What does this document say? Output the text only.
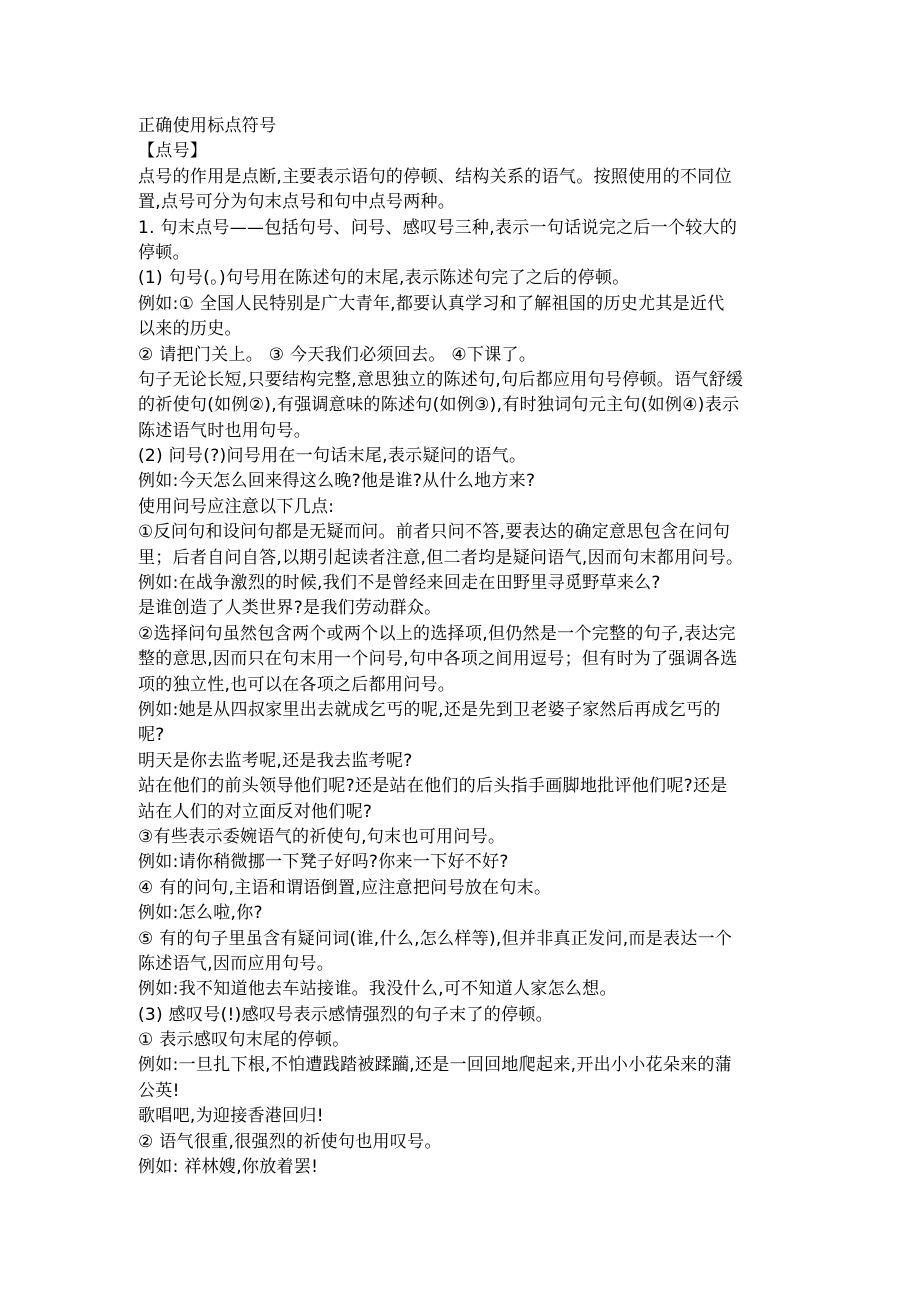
正确使用标点符号
【点号】
点号的作用是点断,主要表示语句的停顿、结构关系的语气。按照使用的不同位
置,点号可分为句末点号和句中点号两种。
1. 句末点号——包括句号、问号、感叹号三种,表示一句话说完之后一个较大的
停顿。
(1) 句号(。)句号用在陈述句的末尾,表示陈述句完了之后的停顿。
例如:① 全国人民特别是广大青年,都要认真学习和了解祖国的历史尤其是近代
以来的历史。
② 请把门关上。 ③ 今天我们必须回去。 ④下课了。
句子无论长短,只要结构完整,意思独立的陈述句,句后都应用句号停顿。语气舒缓
的祈使句(如例②),有强调意味的陈述句(如例③),有时独词句元主句(如例④)表示
陈述语气时也用句号。
(2) 问号(?)问号用在一句话末尾,表示疑问的语气。
例如:今天怎么回来得这么晚?他是谁?从什么地方来?
使用问号应注意以下几点:
①反问句和设问句都是无疑而问。前者只问不答,要表达的确定意思包含在问句
里；后者自问自答,以期引起读者注意,但二者均是疑问语气,因而句末都用问号。
例如:在战争激烈的时候,我们不是曾经来回走在田野里寻觅野草来么?
是谁创造了人类世界?是我们劳动群众。
②选择问句虽然包含两个或两个以上的选择项,但仍然是一个完整的句子,表达完
整的意思,因而只在句末用一个问号,句中各项之间用逗号；但有时为了强调各选
项的独立性,也可以在各项之后都用问号。
例如:她是从四叔家里出去就成乞丐的呢,还是先到卫老婆子家然后再成乞丐的
呢?
明天是你去监考呢,还是我去监考呢?
站在他们的前头领导他们呢?还是站在他们的后头指手画脚地批评他们呢?还是
站在人们的对立面反对他们呢?
③有些表示委婉语气的祈使句,句末也可用问号。
例如:请你稍微挪一下凳子好吗?你来一下好不好?
④ 有的问句,主语和谓语倒置,应注意把问号放在句末。
例如:怎么啦,你?
⑤ 有的句子里虽含有疑问词(谁,什么,怎么样等),但并非真正发问,而是表达一个
陈述语气,因而应用句号。
例如:我不知道他去车站接谁。我没什么,可不知道人家怎么想。
(3) 感叹号(!)感叹号表示感情强烈的句子末了的停顿。
① 表示感叹句末尾的停顿。
例如:一旦扎下根,不怕遭践踏被蹂躏,还是一回回地爬起来,开出小小花朵来的蒲
公英!
歌唱吧,为迎接香港回归!
② 语气很重,很强烈的祈使句也用叹号。
例如: 祥林嫂,你放着罢!
